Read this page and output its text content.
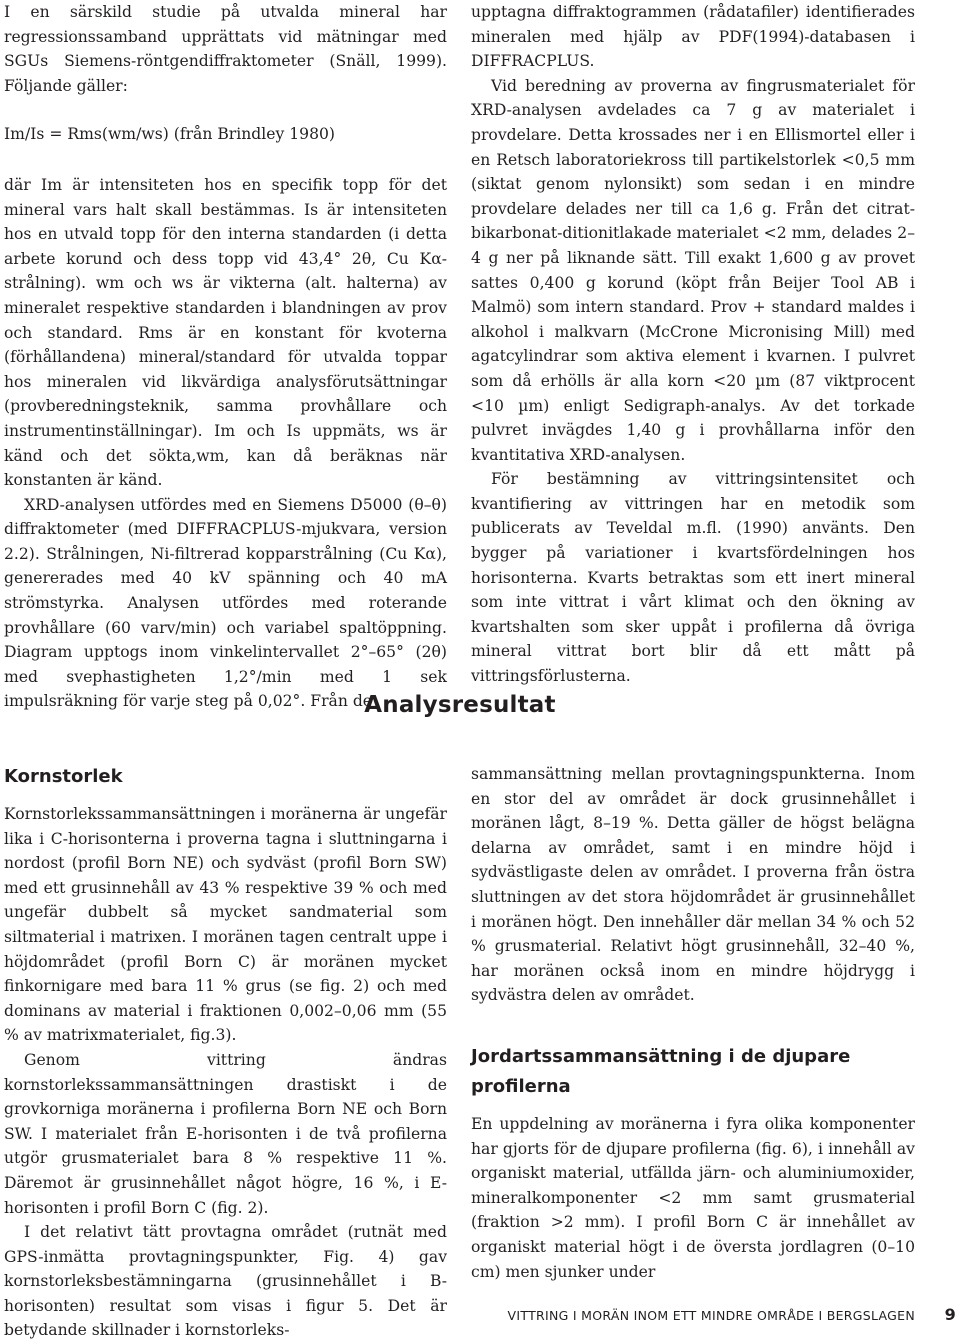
I en särskild studie på utvalda mineral har regressionssamband upprättats vid mätningar med SGUs Siemens-röntgendiffraktometer (Snäll, 1999). Följande gäller:

Im/Is = Rms(wm/ws) (från Brindley 1980)

där Im är intensiteten hos en specifik topp för det mineral vars halt skall bestämmas. Is är intensiteten hos en utvald topp för den interna standarden (i detta arbete korund och dess topp vid 43,4° 2θ, Cu Kα-strålning). wm och ws är vikterna (alt. halterna) av mineralet respektive standarden i blandningen av prov och standard. Rms är en konstant för kvoterna (förhållandena) mineral/standard för utvalda toppar hos mineralen vid likvärdiga analysförutsättningar (provberedningsteknik, samma provhållare och instrumentinställningar). Im och Is uppmäts, ws är känd och det sökta,wm, kan då beräknas när konstanten är känd.

XRD-analysen utfördes med en Siemens D5000 (θ–θ) diffraktometer (med DIFFRACPLUS-mjukvara, version 2.2). Strålningen, Ni-filtrerad kopparstrålning (Cu Kα), genererades med 40 kV spänning och 40 mA strömstyrka. Analysen utfördes med roterande provhållare (60 varv/min) och variabel spaltöppning. Diagram upptogs inom vinkelintervallet 2°–65° (2θ) med svephastigheten 1,2°/min med 1 sek impulsräkning för varje steg på 0,02°. Från de

upptagna diffraktogrammen (rådatafiler) identifierades mineralen med hjälp av PDF(1994)-databasen i DIFFRACPLUS.

Vid beredning av proverna av fingrusmaterialet för XRD-analysen avdelades ca 7 g av materialet i provdelare. Detta krossades ner i en Ellismortel eller i en Retsch laboratoriekross till partikelstorlek <0,5 mm (siktat genom nylonsikt) som sedan i en mindre provdelare delades ner till ca 1,6 g. Från det citrat-bikarbonat-ditionitlakade materialet <2 mm, delades 2–4 g ner på liknande sätt. Till exakt 1,600 g av provet sattes 0,400 g korund (köpt från Beijer Tool AB i Malmö) som intern standard. Prov + standard maldes i alkohol i malkvarn (McCrone Micronising Mill) med agatcylindrar som aktiva element i kvarnen. I pulvret som då erhölls är alla korn <20 µm (87 viktprocent <10 µm) enligt Sedigraph-analys. Av det torkade pulvret invägdes 1,40 g i provhållarna inför den kvantitativa XRD-analysen.

För bestämning av vittringsintensitet och kvantifiering av vittringen har en metodik som publicerats av Teveldal m.fl. (1990) använts. Den bygger på variationer i kvartsfördelningen hos horisonterna. Kvarts betraktas som ett inert mineral som inte vittrat i vårt klimat och den ökning av kvartshalten som sker uppåt i profilerna då övriga mineral vittrat bort blir då ett mått på vittringsförlusterna.

Analysresultat
Kornstorlek

Kornstorlekssammansättningen i moränerna är ungefär lika i C-horisonterna i proverna tagna i sluttningarna i nordost (profil Born NE) och sydväst (profil Born SW) med ett grusinnehåll av 43 % respektive 39 % och med ungefär dubbelt så mycket sandmaterial som siltmaterial i matrixen. I moränen tagen centralt uppe i höjdområdet (profil Born C) är moränen mycket finkornigare med bara 11 % grus (se fig. 2) och med dominans av material i fraktionen 0,002–0,06 mm (55 % av matrixmaterialet, fig.3).

Genom vittring ändras kornstorlekssammansättningen drastiskt i de grovkorniga moränerna i profilerna Born NE och Born SW. I materialet från E-horisonten i de två profilerna utgör grusmaterialet bara 8 % respektive 11 %. Däremot är grusinnehållet något högre, 16 %, i E-horisonten i profil Born C (fig. 2).

I det relativt tätt provtagna området (rutnät med GPS-inmätta provtagningspunkter, Fig. 4) gav kornstorleksbestämningarna (grusinnehållet i B-horisonten) resultat som visas i figur 5. Det är betydande skillnader i kornstorleks-

sammansättning mellan provtagningspunkterna. Inom en stor del av området är dock grusinnehållet i moränen lågt, 8–19 %. Detta gäller de högst belägna delarna av området, samt i en mindre höjd i sydvästligaste delen av området. I proverna från östra sluttningen av det stora höjdområdet är grusinnehållet i moränen högt. Den innehåller där mellan 34 % och 52 % grusmaterial. Relativt högt grusinnehåll, 32–40 %, har moränen också inom en mindre höjdrygg i sydvästra delen av området.

Jordartssammansättning i de djupare profilerna

En uppdelning av moränerna i fyra olika komponenter har gjorts för de djupare profilerna (fig. 6), i innehåll av organiskt material, utfällda järn- och aluminiumoxider, mineralkomponenter <2 mm samt grusmaterial (fraktion >2 mm). I profil Born C är innehållet av organiskt material högt i de översta jordlagren (0–10 cm) men sjunker under

VITTRING I MORÄN INOM ETT MINDRE OMRÅDE I BERGSLAGEN 9
